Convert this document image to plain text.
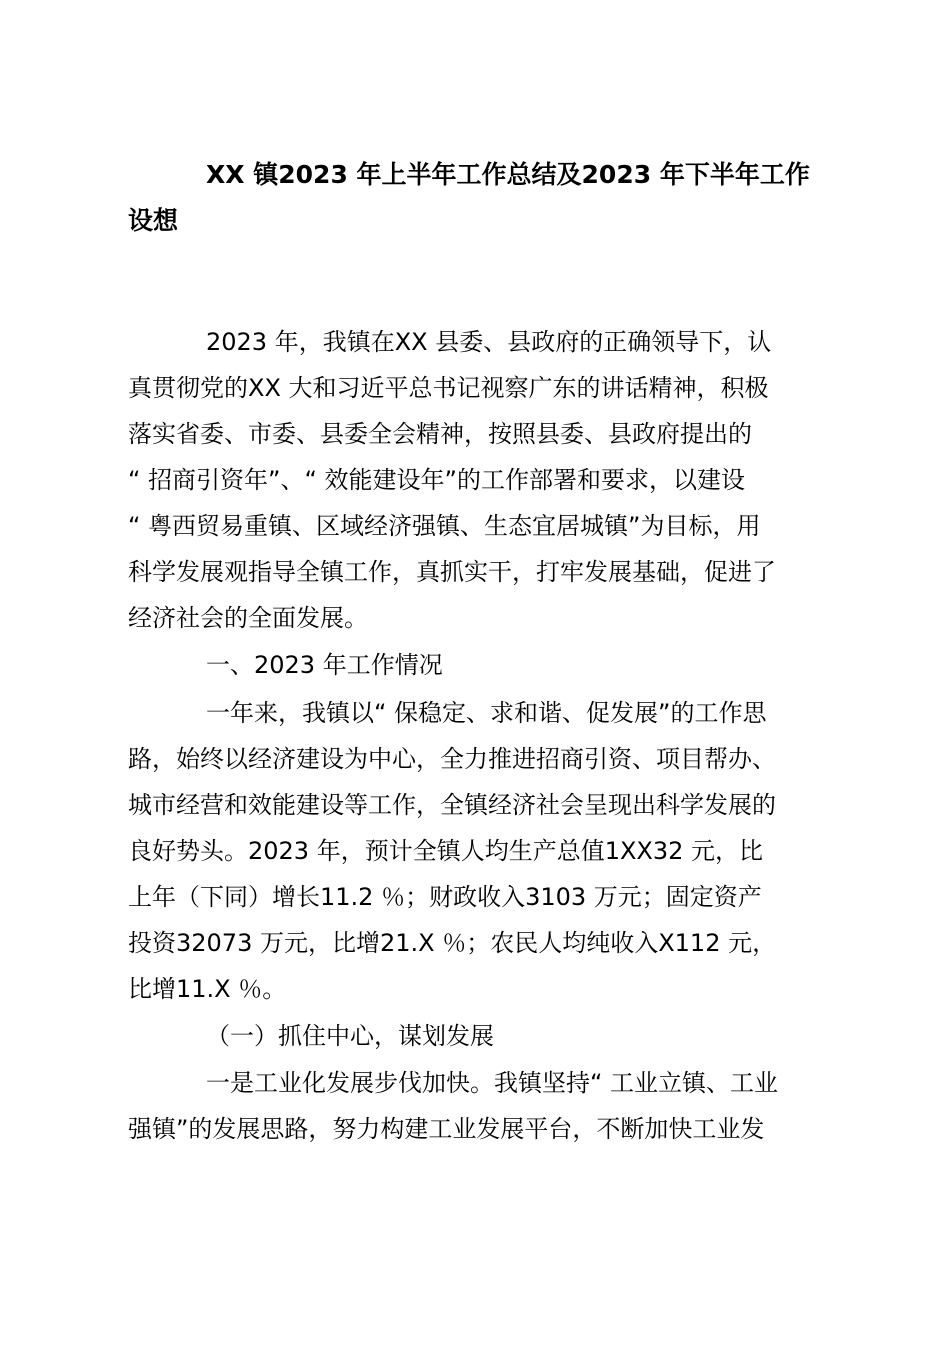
XX 镇2023 年上半年工作总结及2023 年下半年工作
设想
2023 年，我镇在XX 县委、县政府的正确领导下，认
真贯彻党的XX 大和习近平总书记视察广东的讲话精神，积极
落实省委、市委、县委全会精神，按照县委、县政府提出的
“ 招商引资年”、“ 效能建设年”的工作部署和要求，以建设
“ 粤西贸易重镇、区域经济强镇、生态宜居城镇”为目标，用
科学发展观指导全镇工作，真抓实干，打牢发展基础，促进了
经济社会的全面发展。
一、2023 年工作情况
一年来，我镇以“ 保稳定、求和谐、促发展”的工作思
路，始终以经济建设为中心，全力推进招商引资、项目帮办、
城市经营和效能建设等工作，全镇经济社会呈现出科学发展的
良好势头。2023 年，预计全镇人均生产总值1XX32 元，比
上年（下同）增长11.2 ％；财政收入3103 万元；固定资产
投资32073 万元，比增21.X ％；农民人均纯收入X112 元，
比增11.X ％。
（一）抓住中心，谋划发展
一是工业化发展步伐加快。我镇坚持“ 工业立镇、工业
强镇”的发展思路，努力构建工业发展平台，不断加快工业发
